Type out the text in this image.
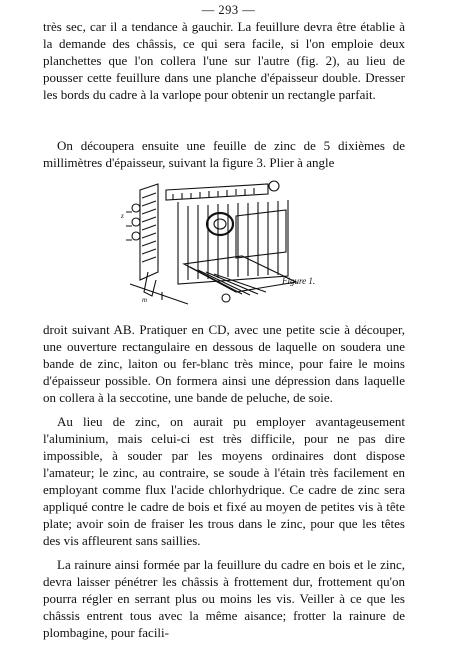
— 293 —

très sec, car il a tendance à gauchir. La feuillure devra être établie à la demande des châssis, ce qui sera facile, si l'on emploie deux planchettes que l'on collera l'une sur l'autre (fig. 2), au lieu de pousser cette feuillure dans une planche d'épaisseur double. Dresser les bords du cadre à la varlope pour obtenir un rectangle parfait.

On découpera ensuite une feuille de zinc de 5 dixièmes de millimètres d'épaisseur, suivant la figure 3. Plier à angle

z
m
Figure 1.

droit suivant AB. Pratiquer en CD, avec une petite scie à découper, une ouverture rectangulaire en dessous de laquelle on soudera une bande de zinc, laiton ou fer-blanc très mince, pour faire le moins d'épaisseur possible. On formera ainsi une dépression dans laquelle on collera à la seccotine, une bande de peluche, de soie.

Au lieu de zinc, on aurait pu employer avantageusement l'aluminium, mais celui-ci est très difficile, pour ne pas dire impossible, à souder par les moyens ordinaires dont dispose l'amateur; le zinc, au contraire, se soude à l'étain très facilement en employant comme flux l'acide chlorhydrique. Ce cadre de zinc sera appliqué contre le cadre de bois et fixé au moyen de petites vis à tête plate; avoir soin de fraiser les trous dans le zinc, pour que les têtes des vis affleurent sans saillies.

La rainure ainsi formée par la feuillure du cadre en bois et le zinc, devra laisser pénétrer les châssis à frottement dur, frottement qu'on pourra régler en serrant plus ou moins les vis. Veiller à ce que les châssis entrent tous avec la même aisance; frotter la rainure de plombagine, pour facili-
